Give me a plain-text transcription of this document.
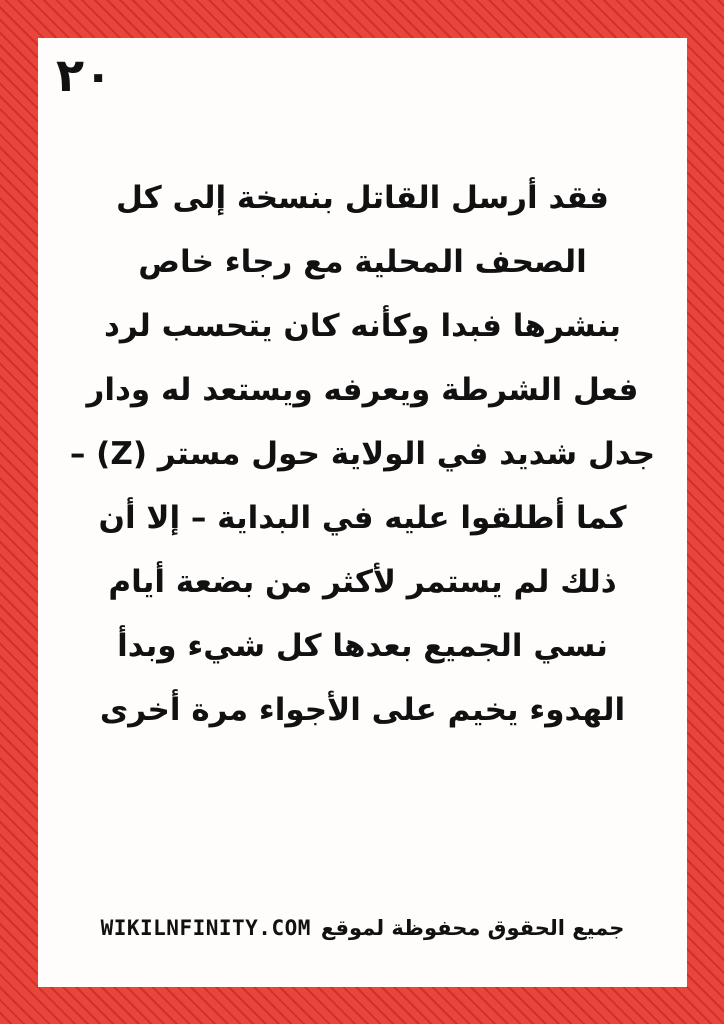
٢٠
فقد أرسل القاتل بنسخة إلى كل
الصحف المحلية مع رجاء خاص
بنشرها فبدا وكأنه كان يتحسب لرد
فعل الشرطة ويعرفه ويستعد له ودار
جدل شديد في الولاية حول مستر (Z) –
كما أطلقوا عليه في البداية – إلا أن
ذلك لم يستمر لأكثر من بضعة أيام
نسي الجميع بعدها كل شيء وبدأ
الهدوء يخيم على الأجواء مرة أخرى
WIKILNFINITY.COM جميع الحقوق محفوظة لموقع
